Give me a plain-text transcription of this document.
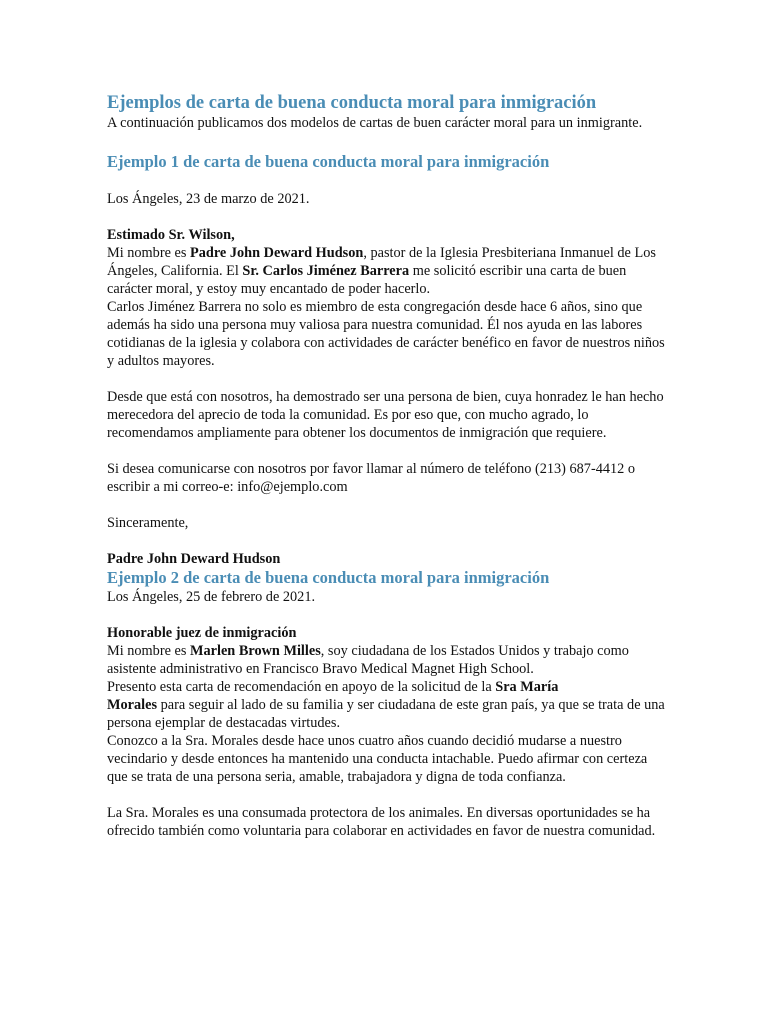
Ejemplos de carta de buena conducta moral para inmigración

A continuación publicamos dos modelos de cartas de buen carácter moral para un inmigrante.

Ejemplo 1 de carta de buena conducta moral para inmigración

Los Ángeles, 23 de marzo de 2021.

Estimado Sr. Wilson,

Mi nombre es Padre John Deward Hudson, pastor de la Iglesia Presbiteriana Inmanuel de Los Ángeles, California. El Sr. Carlos Jiménez Barrera me solicitó escribir una carta de buen carácter moral, y estoy muy encantado de poder hacerlo.

Carlos Jiménez Barrera no solo es miembro de esta congregación desde hace 6 años, sino que además ha sido una persona muy valiosa para nuestra comunidad. Él nos ayuda en las labores cotidianas de la iglesia y colabora con actividades de carácter benéfico en favor de nuestros niños y adultos mayores.

Desde que está con nosotros, ha demostrado ser una persona de bien, cuya honradez le han hecho merecedora del aprecio de toda la comunidad. Es por eso que, con mucho agrado, lo recomendamos ampliamente para obtener los documentos de inmigración que requiere.

Si desea comunicarse con nosotros por favor llamar al número de teléfono (213) 687-4412 o escribir a mi correo-e: info@ejemplo.com

Sinceramente,

Padre John Deward Hudson

Ejemplo 2 de carta de buena conducta moral para inmigración

Los Ángeles, 25 de febrero de 2021.

Honorable juez de inmigración

Mi nombre es Marlen Brown Milles, soy ciudadana de los Estados Unidos y trabajo como asistente administrativo en Francisco Bravo Medical Magnet High School.

Presento esta carta de recomendación en apoyo de la solicitud de la Sra María
Morales para seguir al lado de su familia y ser ciudadana de este gran país, ya que se trata de una persona ejemplar de destacadas virtudes.

Conozco a la Sra. Morales desde hace unos cuatro años cuando decidió mudarse a nuestro vecindario y desde entonces ha mantenido una conducta intachable. Puedo afirmar con certeza que se trata de una persona seria, amable, trabajadora y digna de toda confianza.

La Sra. Morales es una consumada protectora de los animales. En diversas oportunidades se ha ofrecido también como voluntaria para colaborar en actividades en favor de nuestra comunidad.
